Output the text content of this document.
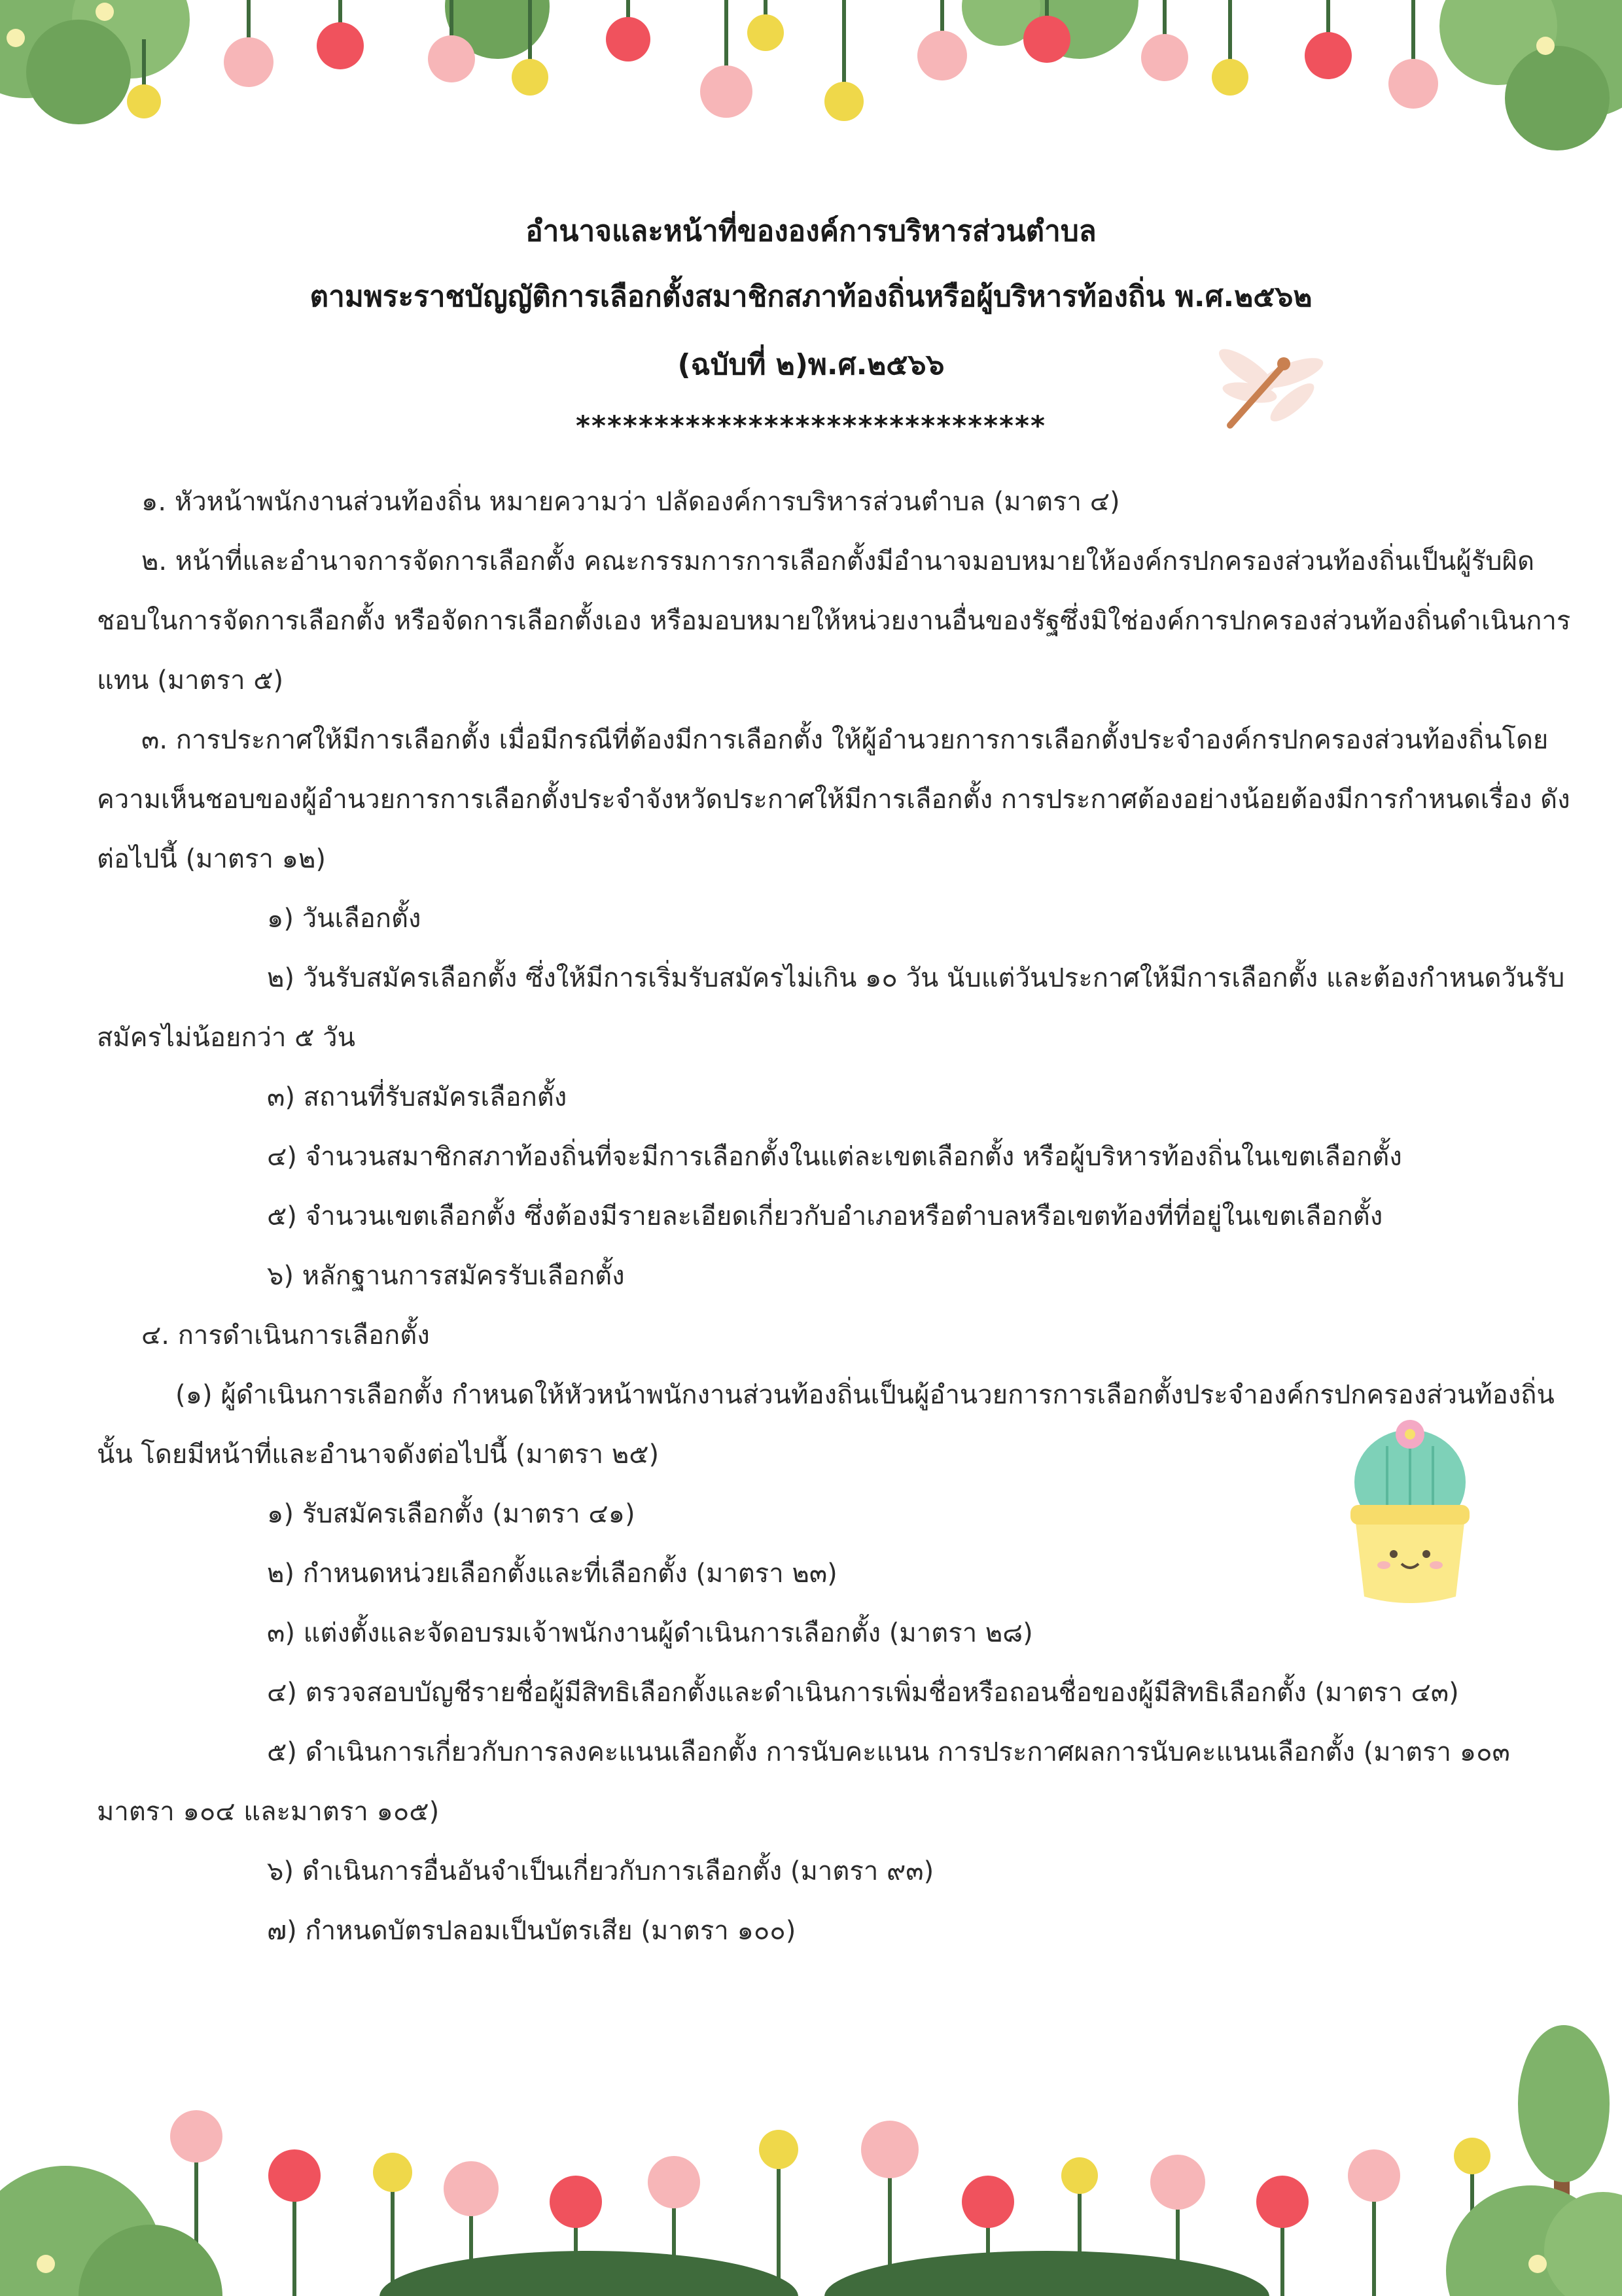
อำนาจและหน้าที่ขององค์การบริหารส่วนตำบล
ตามพระราชบัญญัติการเลือกตั้งสมาชิกสภาท้องถิ่นหรือผู้บริหารท้องถิ่น พ.ศ.๒๕๖๒
(ฉบับที่ ๒)พ.ศ.๒๕๖๖
******************************

๑. หัวหน้าพนักงานส่วนท้องถิ่น หมายความว่า ปลัดองค์การบริหารส่วนตำบล (มาตรา ๔)

๒. หน้าที่และอำนาจการจัดการเลือกตั้ง คณะกรรมการการเลือกตั้งมีอำนาจมอบหมายให้องค์กรปกครองส่วนท้องถิ่นเป็นผู้รับผิดชอบในการจัดการเลือกตั้ง หรือจัดการเลือกตั้งเอง หรือมอบหมายให้หน่วยงานอื่นของรัฐซึ่งมิใช่องค์การปกครองส่วนท้องถิ่นดำเนินการแทน (มาตรา ๕)

๓. การประกาศให้มีการเลือกตั้ง เมื่อมีกรณีที่ต้องมีการเลือกตั้ง ให้ผู้อำนวยการการเลือกตั้งประจำองค์กรปกครองส่วนท้องถิ่นโดยความเห็นชอบของผู้อำนวยการการเลือกตั้งประจำจังหวัดประกาศให้มีการเลือกตั้ง การประกาศต้องอย่างน้อยต้องมีการกำหนดเรื่อง ดังต่อไปนี้ (มาตรา ๑๒)

๑) วันเลือกตั้ง

๒) วันรับสมัครเลือกตั้ง ซึ่งให้มีการเริ่มรับสมัครไม่เกิน ๑๐ วัน นับแต่วันประกาศให้มีการเลือกตั้ง และต้องกำหนดวันรับสมัครไม่น้อยกว่า ๕ วัน

๓) สถานที่รับสมัครเลือกตั้ง

๔) จำนวนสมาชิกสภาท้องถิ่นที่จะมีการเลือกตั้งในแต่ละเขตเลือกตั้ง หรือผู้บริหารท้องถิ่นในเขตเลือกตั้ง

๕) จำนวนเขตเลือกตั้ง ซึ่งต้องมีรายละเอียดเกี่ยวกับอำเภอหรือตำบลหรือเขตท้องที่ที่อยู่ในเขตเลือกตั้ง

๖) หลักฐานการสมัครรับเลือกตั้ง

๔. การดำเนินการเลือกตั้ง

(๑) ผู้ดำเนินการเลือกตั้ง กำหนดให้หัวหน้าพนักงานส่วนท้องถิ่นเป็นผู้อำนวยการการเลือกตั้งประจำองค์กรปกครองส่วนท้องถิ่นนั้น โดยมีหน้าที่และอำนาจดังต่อไปนี้ (มาตรา ๒๕)

๑) รับสมัครเลือกตั้ง (มาตรา ๔๑)

๒) กำหนดหน่วยเลือกตั้งและที่เลือกตั้ง (มาตรา ๒๓)

๓) แต่งตั้งและจัดอบรมเจ้าพนักงานผู้ดำเนินการเลือกตั้ง (มาตรา ๒๘)

๔) ตรวจสอบบัญชีรายชื่อผู้มีสิทธิเลือกตั้งและดำเนินการเพิ่มชื่อหรือถอนชื่อของผู้มีสิทธิเลือกตั้ง (มาตรา ๔๓)

๕) ดำเนินการเกี่ยวกับการลงคะแนนเลือกตั้ง การนับคะแนน การประกาศผลการนับคะแนนเลือกตั้ง (มาตรา ๑๐๓ มาตรา ๑๐๔ และมาตรา ๑๐๕)

๖) ดำเนินการอื่นอันจำเป็นเกี่ยวกับการเลือกตั้ง (มาตรา ๙๓)

๗) กำหนดบัตรปลอมเป็นบัตรเสีย (มาตรา ๑๐๐)
